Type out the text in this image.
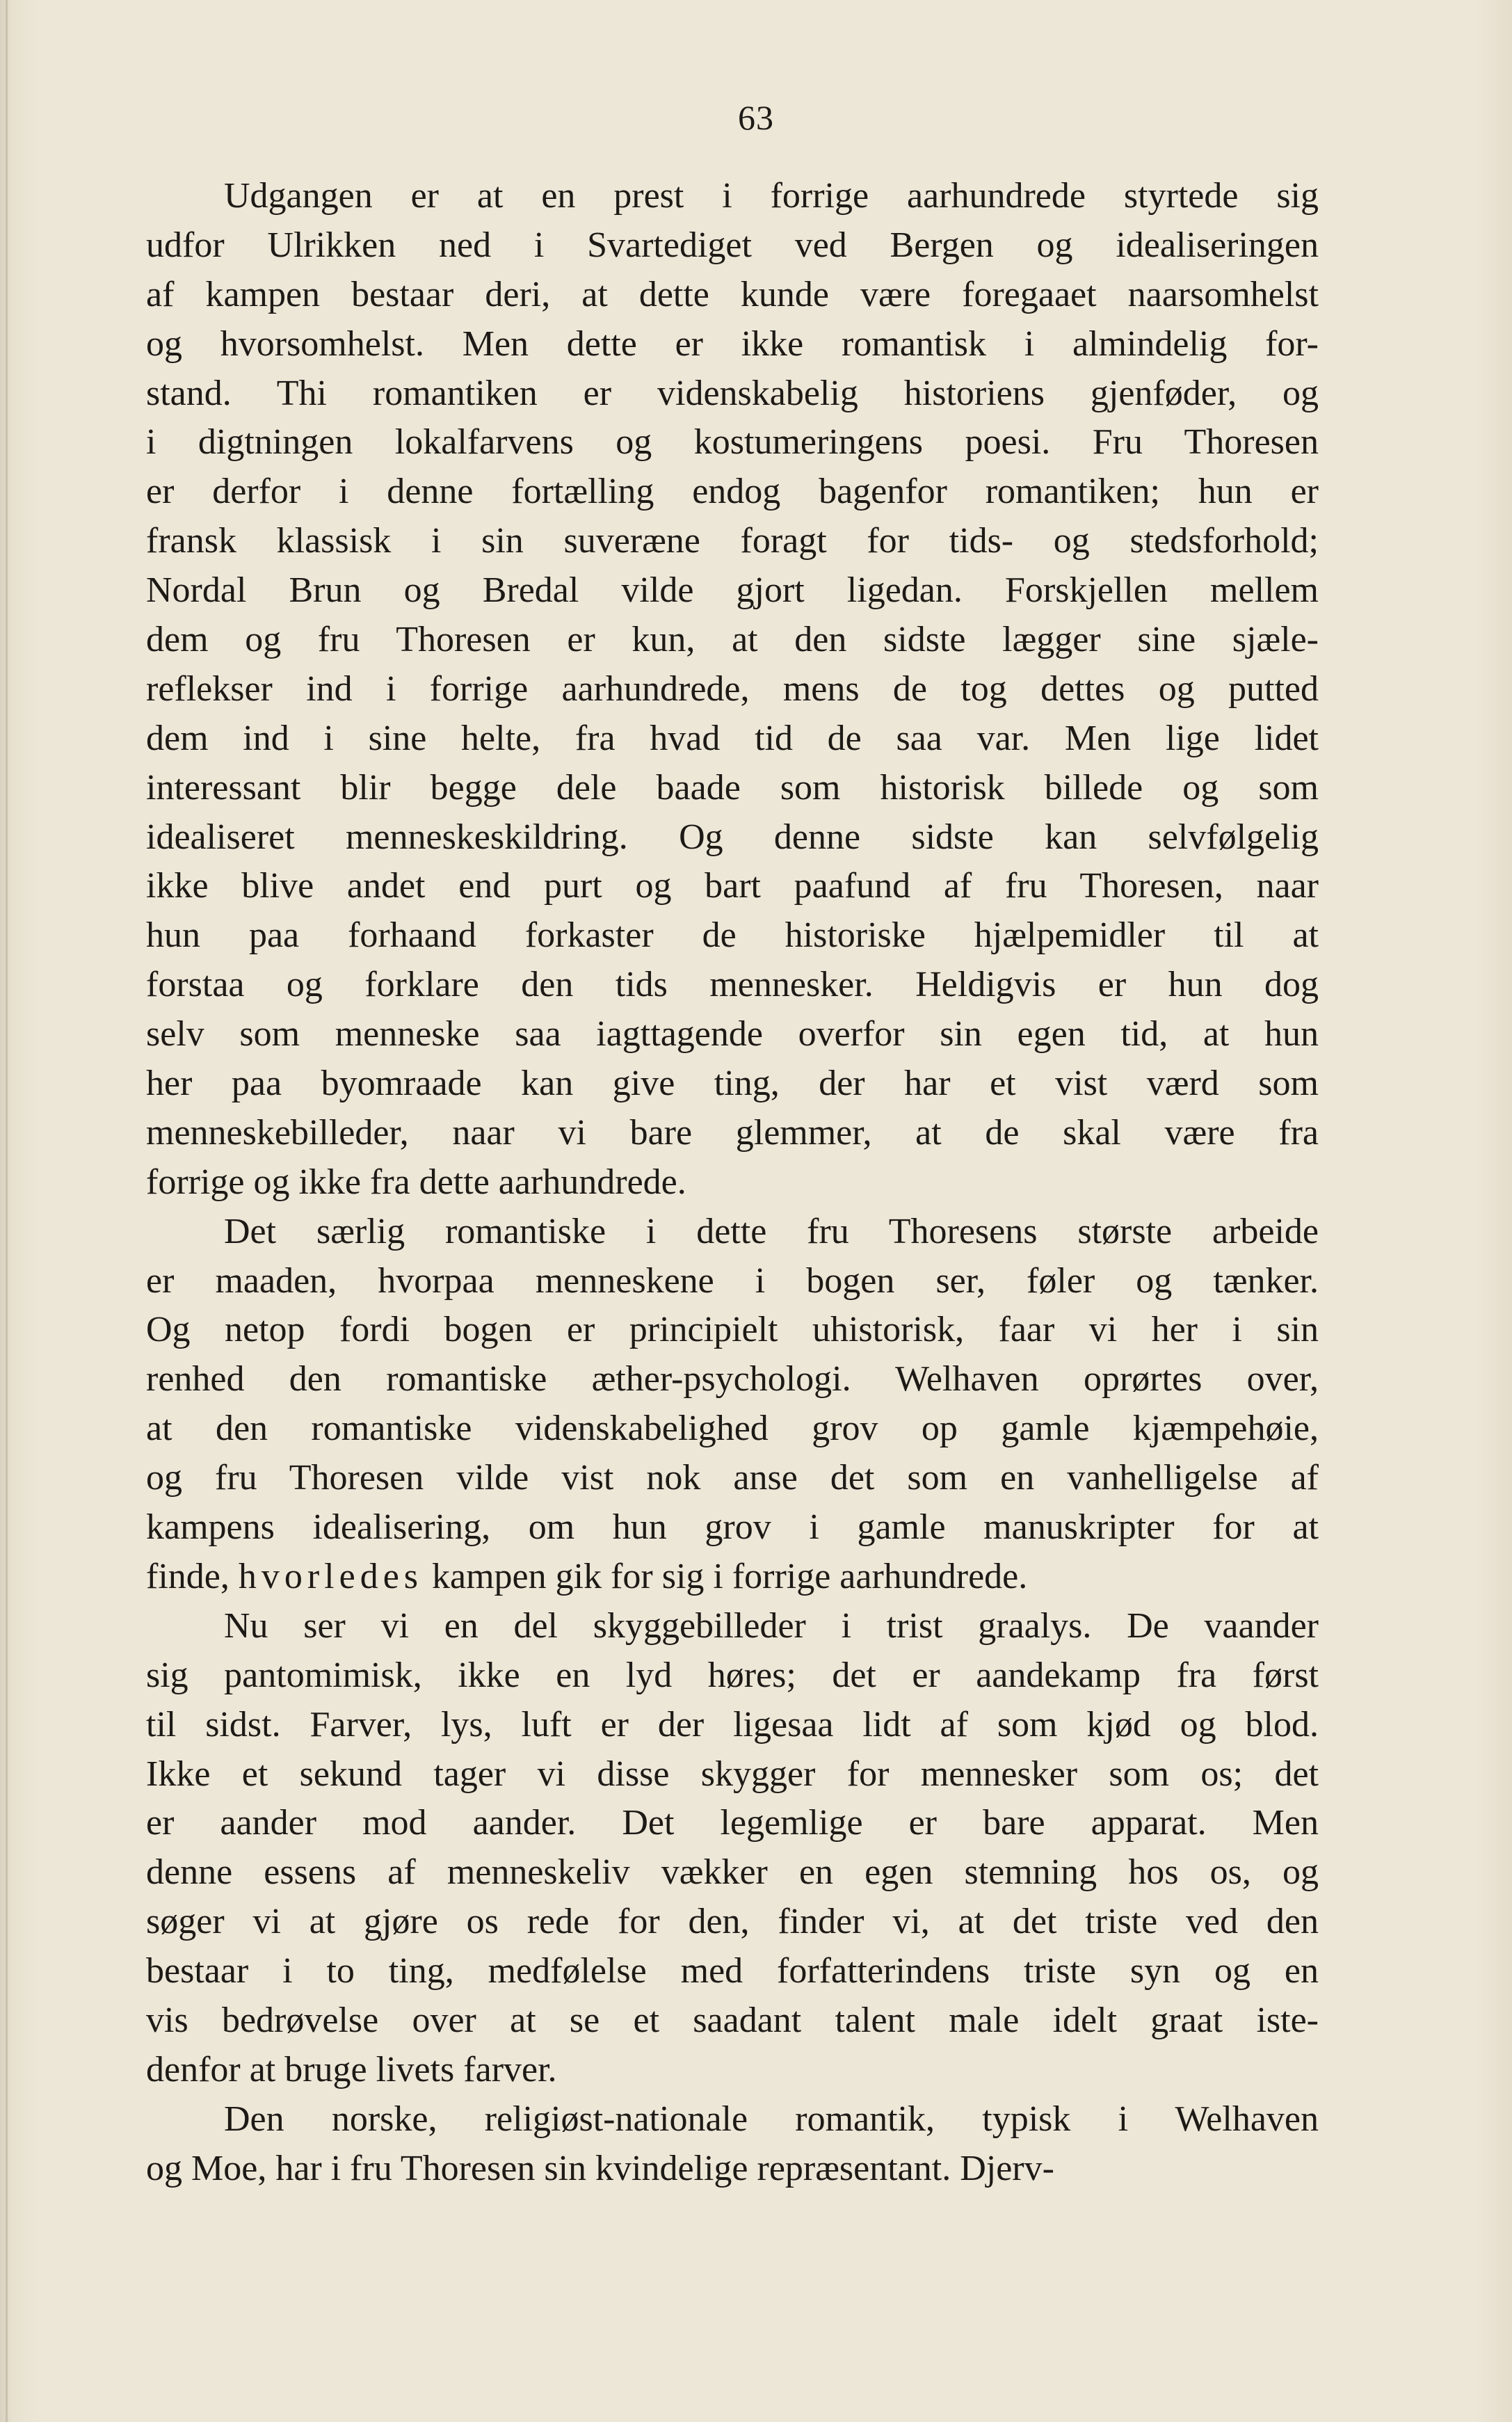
63
Udgangen er at en prest i forrige aarhundrede styrtede sig
udfor Ulrikken ned i Svartediget ved Bergen og idealiseringen
af kampen bestaar deri, at dette kunde være foregaaet naarsomhelst
og hvorsomhelst. Men dette er ikke romantisk i almindelig for-
stand. Thi romantiken er videnskabelig historiens gjenføder, og
i digtningen lokalfarvens og kostumeringens poesi. Fru Thoresen
er derfor i denne fortælling endog bagenfor romantiken; hun er
fransk klassisk i sin suveræne foragt for tids- og stedsforhold;
Nordal Brun og Bredal vilde gjort ligedan. Forskjellen mellem
dem og fru Thoresen er kun, at den sidste lægger sine sjæle-
reflekser ind i forrige aarhundrede, mens de tog dettes og putted
dem ind i sine helte, fra hvad tid de saa var. Men lige lidet
interessant blir begge dele baade som historisk billede og som
idealiseret menneskeskildring. Og denne sidste kan selvfølgelig
ikke blive andet end purt og bart paafund af fru Thoresen, naar
hun paa forhaand forkaster de historiske hjælpemidler til at
forstaa og forklare den tids mennesker. Heldigvis er hun dog
selv som menneske saa iagttagende overfor sin egen tid, at hun
her paa byomraade kan give ting, der har et vist værd som
menneskebilleder, naar vi bare glemmer, at de skal være fra
forrige og ikke fra dette aarhundrede.
Det særlig romantiske i dette fru Thoresens største arbeide
er maaden, hvorpaa menneskene i bogen ser, føler og tænker.
Og netop fordi bogen er principielt uhistorisk, faar vi her i sin
renhed den romantiske æther-psychologi. Welhaven oprørtes over,
at den romantiske videnskabelighed grov op gamle kjæmpehøie,
og fru Thoresen vilde vist nok anse det som en vanhelligelse af
kampens idealisering, om hun grov i gamle manuskripter for at
finde, hvorledes kampen gik for sig i forrige aarhundrede.
Nu ser vi en del skyggebilleder i trist graalys. De vaander
sig pantomimisk, ikke en lyd høres; det er aandekamp fra først
til sidst. Farver, lys, luft er der ligesaa lidt af som kjød og blod.
Ikke et sekund tager vi disse skygger for mennesker som os; det
er aander mod aander. Det legemlige er bare apparat. Men
denne essens af menneskeliv vækker en egen stemning hos os, og
søger vi at gjøre os rede for den, finder vi, at det triste ved den
bestaar i to ting, medfølelse med forfatterindens triste syn og en
vis bedrøvelse over at se et saadant talent male idelt graat iste-
denfor at bruge livets farver.
Den norske, religiøst-nationale romantik, typisk i Welhaven
og Moe, har i fru Thoresen sin kvindelige repræsentant. Djerv-
